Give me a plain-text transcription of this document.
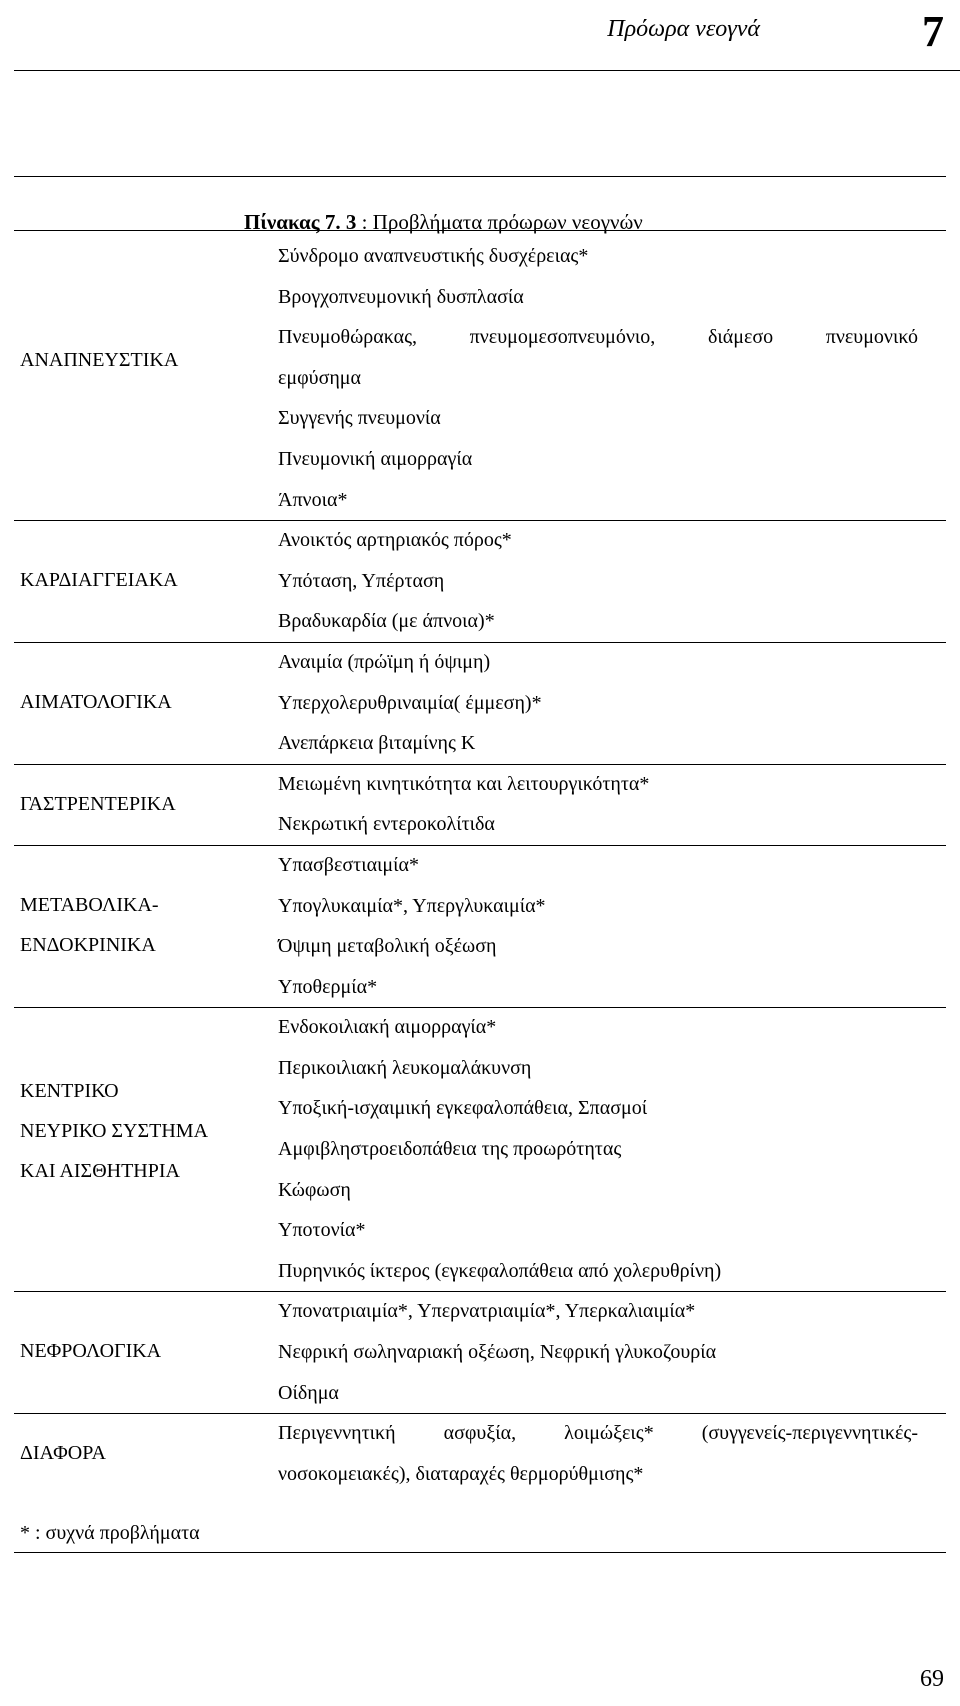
Πρόωρα νεογνά	7
Πίνακας 7. 3 : Προβλήματα πρόωρων νεογνών
ΑΝΑΠΝΕΥΣΤΙΚΑ
Σύνδρομο αναπνευστικής δυσχέρειας*
Βρογχοπνευμονική δυσπλασία
Πνευμοθώρακας, πνευμομεσοπνευμόνιο, διάμεσο πνευμονικό
εμφύσημα
Συγγενής πνευμονία
Πνευμονική αιμορραγία
Άπνοια*
ΚΑΡΔΙΑΓΓΕΙΑΚΑ
Ανοικτός αρτηριακός πόρος*
Υπόταση, Υπέρταση
Βραδυκαρδία (με άπνοια)*
ΑΙΜΑΤΟΛΟΓΙΚΑ
Αναιμία (πρώϊμη ή όψιμη)
Υπερχολερυθριναιμία( έμμεση)*
Ανεπάρκεια βιταμίνης Κ
ΓΑΣΤΡΕΝΤΕΡΙΚΑ
Μειωμένη κινητικότητα και λειτουργικότητα*
Νεκρωτική εντεροκολίτιδα
ΜΕΤΑΒΟΛΙΚΑ-
ΕΝΔΟΚΡΙΝΙΚΑ
Υπασβεστιαιμία*
Υπογλυκαιμία*, Υπεργλυκαιμία*
Όψιμη μεταβολική οξέωση
Υποθερμία*
ΚΕΝΤΡΙΚΟ
ΝΕΥΡΙΚΟ ΣΥΣΤΗΜΑ
ΚΑΙ ΑΙΣΘΗΤΗΡΙΑ
Ενδοκοιλιακή αιμορραγία*
Περικοιλιακή λευκομαλάκυνση
Υποξική-ισχαιμική εγκεφαλοπάθεια, Σπασμοί
Αμφιβληστροειδοπάθεια της προωρότητας
Κώφωση
Υποτονία*
Πυρηνικός ίκτερος (εγκεφαλοπάθεια από χολερυθρίνη)
ΝΕΦΡΟΛΟΓΙΚΑ
Υπονατριαιμία*, Υπερνατριαιμία*, Υπερκαλιαιμία*
Νεφρική σωληναριακή οξέωση, Νεφρική γλυκοζουρία
Οίδημα
ΔΙΑΦΟΡΑ
Περιγεννητική ασφυξία, λοιμώξεις* (συγγενείς-περιγεννητικές-
νοσοκομειακές), διαταραχές θερμορύθμισης*
* : συχνά προβλήματα
69
